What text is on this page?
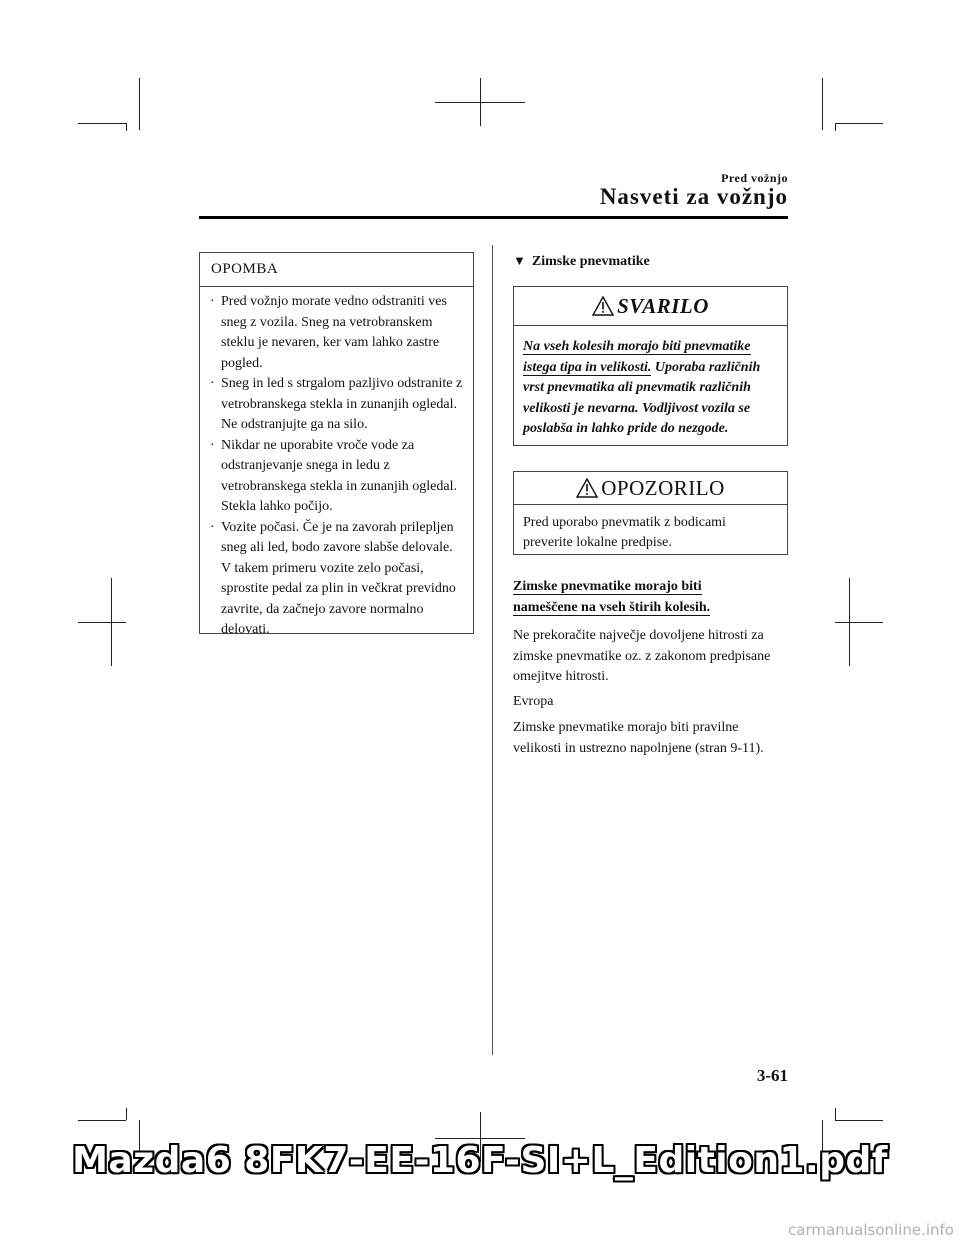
Pred vožnjo
Nasveti za vožnjo
OPOMBA
· Pred vožnjo morate vedno odstraniti ves sneg z vozila. Sneg na vetrobranskem steklu je nevaren, ker vam lahko zastre pogled.
· Sneg in led s strgalom pazljivo odstranite z vetrobranskega stekla in zunanjih ogledal. Ne odstranjujte ga na silo.
· Nikdar ne uporabite vroče vode za odstranjevanje snega in ledu z vetrobranskega stekla in zunanjih ogledal. Stekla lahko počijo.
· Vozite počasi. Če je na zavorah prilepljen sneg ali led, bodo zavore slabše delovale. V takem primeru vozite zelo počasi, sprostite pedal za plin in večkrat previdno zavrite, da začnejo zavore normalno delovati.
▼ Zimske pnevmatike
SVARILO
Na vseh kolesih morajo biti pnevmatike istega tipa in velikosti. Uporaba različnih vrst pnevmatika ali pnevmatik različnih velikosti je nevarna. Vodljivost vozila se poslabša in lahko pride do nezgode.
OPOZORILO
Pred uporabo pnevmatik z bodicami preverite lokalne predpise.
Zimske pnevmatike morajo biti
nameščene na vseh štirih kolesih.
Ne prekoračite največje dovoljene hitrosti za zimske pnevmatike oz. z zakonom predpisane omejitve hitrosti.
Evropa
Zimske pnevmatike morajo biti pravilne velikosti in ustrezno napolnjene (stran 9-11).
3-61
Mazda6 8FK7-EE-16F-SI+L_Edition1.pdf
carmanualsonline.info
